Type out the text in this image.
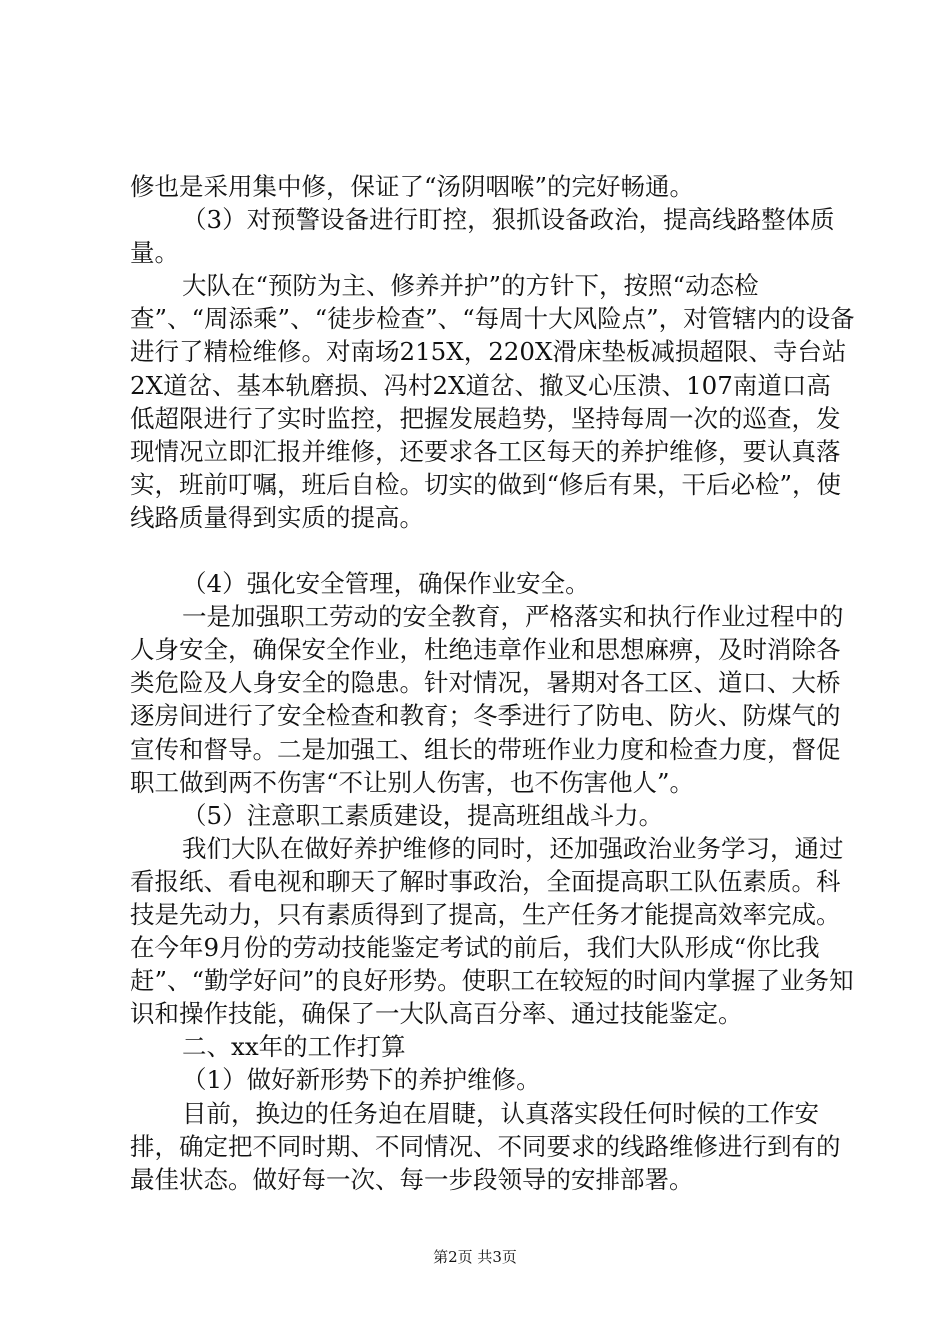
修也是采用集中修，保证了“汤阴咽喉”的完好畅通。

（3）对预警设备进行盯控，狠抓设备政治，提高线路整体质量。

大队在“预防为主、修养并护”的方针下，按照“动态检查”、“周添乘”、“徒步检查”、“每周十大风险点”，对管辖内的设备进行了精检维修。对南场215X，220X滑床垫板减损超限、寺台站2X道岔、基本轨磨损、冯村2X道岔、撤叉心压溃、107南道口高低超限进行了实时监控，把握发展趋势，坚持每周一次的巡查，发现情况立即汇报并维修，还要求各工区每天的养护维修，要认真落实，班前叮嘱，班后自检。切实的做到“修后有果，干后必检”，使线路质量得到实质的提高。

（4）强化安全管理，确保作业安全。

一是加强职工劳动的安全教育，严格落实和执行作业过程中的人身安全，确保安全作业，杜绝违章作业和思想麻痹，及时消除各类危险及人身安全的隐患。针对情况，暑期对各工区、道口、大桥逐房间进行了安全检查和教育；冬季进行了防电、防火、防煤气的宣传和督导。二是加强工、组长的带班作业力度和检查力度，督促职工做到两不伤害“不让别人伤害，也不伤害他人”。

（5）注意职工素质建设，提高班组战斗力。

我们大队在做好养护维修的同时，还加强政治业务学习，通过看报纸、看电视和聊天了解时事政治，全面提高职工队伍素质。科技是先动力，只有素质得到了提高，生产任务才能提高效率完成。在今年9月份的劳动技能鉴定考试的前后，我们大队形成“你比我赶”、“勤学好问”的良好形势。使职工在较短的时间内掌握了业务知识和操作技能，确保了一大队高百分率、通过技能鉴定。

二、xx年的工作打算

（1）做好新形势下的养护维修。

目前，换边的任务迫在眉睫，认真落实段任何时候的工作安排，确定把不同时期、不同情况、不同要求的线路维修进行到有的最佳状态。做好每一次、每一步段领导的安排部署。

第2页 共3页
